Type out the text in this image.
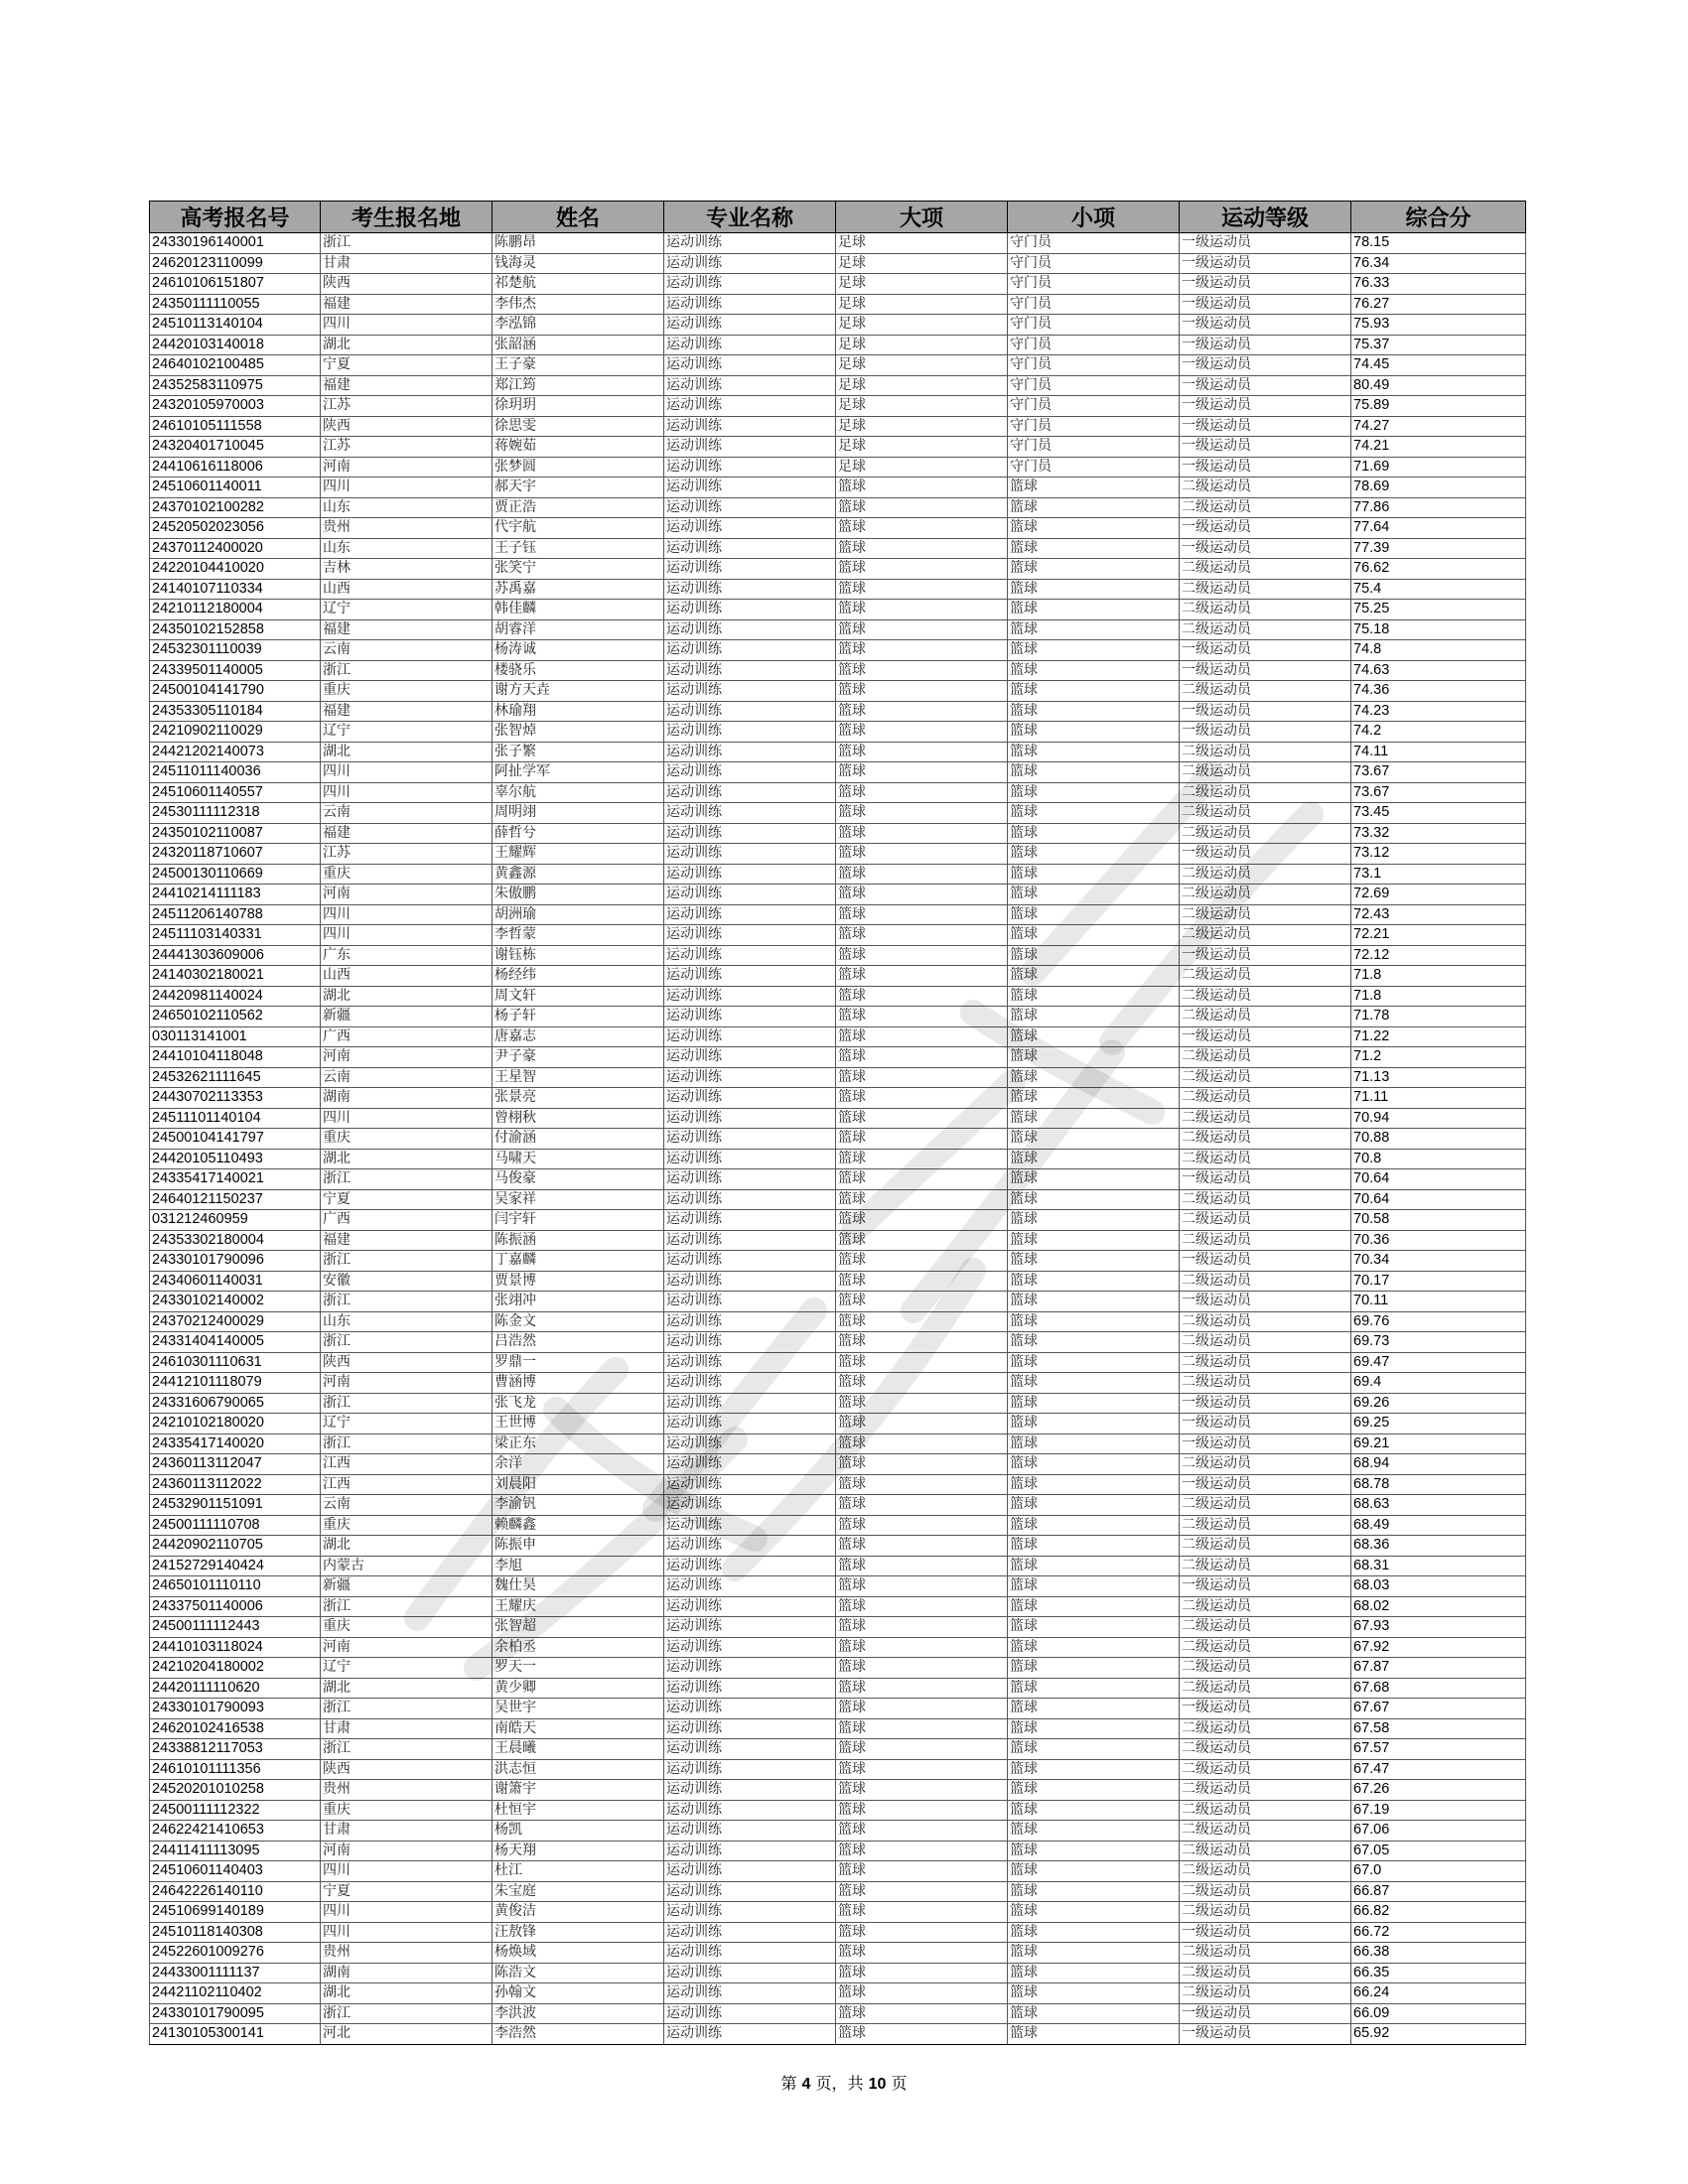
高考报名号	考生报名地	姓名	专业名称	大项	小项	运动等级	综合分
24330196140001	浙江	陈鹏昂	运动训练	足球	守门员	一级运动员	78.15
24620123110099	甘肃	钱海灵	运动训练	足球	守门员	一级运动员	76.34
24610106151807	陕西	祁楚航	运动训练	足球	守门员	一级运动员	76.33
24350111110055	福建	李伟杰	运动训练	足球	守门员	一级运动员	76.27
24510113140104	四川	李泓锦	运动训练	足球	守门员	一级运动员	75.93
24420103140018	湖北	张韶涵	运动训练	足球	守门员	一级运动员	75.37
24640102100485	宁夏	王子豪	运动训练	足球	守门员	一级运动员	74.45
24352583110975	福建	郑江筠	运动训练	足球	守门员	一级运动员	80.49
24320105970003	江苏	徐玥玥	运动训练	足球	守门员	一级运动员	75.89
24610105111558	陕西	徐思雯	运动训练	足球	守门员	一级运动员	74.27
24320401710045	江苏	蒋婉茹	运动训练	足球	守门员	一级运动员	74.21
24410616118006	河南	张梦圆	运动训练	足球	守门员	一级运动员	71.69
24510601140011	四川	郝天宇	运动训练	篮球	篮球	二级运动员	78.69
24370102100282	山东	贾正浩	运动训练	篮球	篮球	二级运动员	77.86
24520502023056	贵州	代宇航	运动训练	篮球	篮球	一级运动员	77.64
24370112400020	山东	王子钰	运动训练	篮球	篮球	一级运动员	77.39
24220104410020	吉林	张笑宁	运动训练	篮球	篮球	二级运动员	76.62
24140107110334	山西	苏禹嘉	运动训练	篮球	篮球	二级运动员	75.4
24210112180004	辽宁	韩佳麟	运动训练	篮球	篮球	二级运动员	75.25
24350102152858	福建	胡睿洋	运动训练	篮球	篮球	二级运动员	75.18
24532301110039	云南	杨涛诚	运动训练	篮球	篮球	一级运动员	74.8
24339501140005	浙江	楼骁乐	运动训练	篮球	篮球	一级运动员	74.63
24500104141790	重庆	谢方天垚	运动训练	篮球	篮球	二级运动员	74.36
24353305110184	福建	林瑜翔	运动训练	篮球	篮球	一级运动员	74.23
24210902110029	辽宁	张智焯	运动训练	篮球	篮球	一级运动员	74.2
24421202140073	湖北	张子繁	运动训练	篮球	篮球	二级运动员	74.11
24511011140036	四川	阿扯学军	运动训练	篮球	篮球	二级运动员	73.67
24510601140557	四川	辜尔航	运动训练	篮球	篮球	二级运动员	73.67
24530111112318	云南	周明翊	运动训练	篮球	篮球	二级运动员	73.45
24350102110087	福建	薛哲兮	运动训练	篮球	篮球	二级运动员	73.32
24320118710607	江苏	王耀辉	运动训练	篮球	篮球	一级运动员	73.12
24500130110669	重庆	黄鑫源	运动训练	篮球	篮球	二级运动员	73.1
24410214111183	河南	朱傲鹏	运动训练	篮球	篮球	二级运动员	72.69
24511206140788	四川	胡洲瑜	运动训练	篮球	篮球	二级运动员	72.43
24511103140331	四川	李哲蒙	运动训练	篮球	篮球	二级运动员	72.21
24441303609006	广东	谢钰栋	运动训练	篮球	篮球	一级运动员	72.12
24140302180021	山西	杨经纬	运动训练	篮球	篮球	二级运动员	71.8
24420981140024	湖北	周文轩	运动训练	篮球	篮球	二级运动员	71.8
24650102110562	新疆	杨子轩	运动训练	篮球	篮球	二级运动员	71.78
030113141001	广西	唐嘉志	运动训练	篮球	篮球	一级运动员	71.22
24410104118048	河南	尹子豪	运动训练	篮球	篮球	二级运动员	71.2
24532621111645	云南	王星智	运动训练	篮球	篮球	二级运动员	71.13
24430702113353	湖南	张景亮	运动训练	篮球	篮球	二级运动员	71.11
24511101140104	四川	曾栩秋	运动训练	篮球	篮球	二级运动员	70.94
24500104141797	重庆	付渝涵	运动训练	篮球	篮球	二级运动员	70.88
24420105110493	湖北	马啸天	运动训练	篮球	篮球	二级运动员	70.8
24335417140021	浙江	马俊豪	运动训练	篮球	篮球	一级运动员	70.64
24640121150237	宁夏	吴家祥	运动训练	篮球	篮球	二级运动员	70.64
031212460959	广西	闫宇轩	运动训练	篮球	篮球	二级运动员	70.58
24353302180004	福建	陈振涵	运动训练	篮球	篮球	二级运动员	70.36
24330101790096	浙江	丁嘉麟	运动训练	篮球	篮球	一级运动员	70.34
24340601140031	安徽	贾景博	运动训练	篮球	篮球	二级运动员	70.17
24330102140002	浙江	张翊冲	运动训练	篮球	篮球	一级运动员	70.11
24370212400029	山东	陈金文	运动训练	篮球	篮球	二级运动员	69.76
24331404140005	浙江	吕浩然	运动训练	篮球	篮球	二级运动员	69.73
24610301110631	陕西	罗鼎一	运动训练	篮球	篮球	二级运动员	69.47
24412101118079	河南	曹涵博	运动训练	篮球	篮球	二级运动员	69.4
24331606790065	浙江	张飞龙	运动训练	篮球	篮球	一级运动员	69.26
24210102180020	辽宁	王世博	运动训练	篮球	篮球	一级运动员	69.25
24335417140020	浙江	梁正东	运动训练	篮球	篮球	一级运动员	69.21
24360113112047	江西	余洋	运动训练	篮球	篮球	二级运动员	68.94
24360113112022	江西	刘晨阳	运动训练	篮球	篮球	一级运动员	68.78
24532901151091	云南	李渝钒	运动训练	篮球	篮球	二级运动员	68.63
24500111110708	重庆	赖麟鑫	运动训练	篮球	篮球	二级运动员	68.49
24420902110705	湖北	陈振申	运动训练	篮球	篮球	二级运动员	68.36
24152729140424	内蒙古	李旭	运动训练	篮球	篮球	二级运动员	68.31
24650101110110	新疆	魏仕昊	运动训练	篮球	篮球	一级运动员	68.03
24337501140006	浙江	王耀庆	运动训练	篮球	篮球	二级运动员	68.02
24500111112443	重庆	张智超	运动训练	篮球	篮球	二级运动员	67.93
24410103118024	河南	余柏丞	运动训练	篮球	篮球	二级运动员	67.92
24210204180002	辽宁	罗天一	运动训练	篮球	篮球	二级运动员	67.87
24420111110620	湖北	黄少卿	运动训练	篮球	篮球	二级运动员	67.68
24330101790093	浙江	吴世宇	运动训练	篮球	篮球	一级运动员	67.67
24620102416538	甘肃	南皓天	运动训练	篮球	篮球	二级运动员	67.58
24338812117053	浙江	王晨曦	运动训练	篮球	篮球	二级运动员	67.57
24610101111356	陕西	洪志恒	运动训练	篮球	篮球	二级运动员	67.47
24520201010258	贵州	谢箫宇	运动训练	篮球	篮球	二级运动员	67.26
24500111112322	重庆	杜恒宇	运动训练	篮球	篮球	二级运动员	67.19
24622421410653	甘肃	杨凯	运动训练	篮球	篮球	二级运动员	67.06
24411411113095	河南	杨天翔	运动训练	篮球	篮球	二级运动员	67.05
24510601140403	四川	杜江	运动训练	篮球	篮球	二级运动员	67.0
24642226140110	宁夏	朱宝庭	运动训练	篮球	篮球	二级运动员	66.87
24510699140189	四川	黄俊洁	运动训练	篮球	篮球	二级运动员	66.82
24510118140308	四川	汪敖锋	运动训练	篮球	篮球	一级运动员	66.72
24522601009276	贵州	杨焕域	运动训练	篮球	篮球	二级运动员	66.38
24433001111137	湖南	陈浩文	运动训练	篮球	篮球	二级运动员	66.35
24421102110402	湖北	孙翰文	运动训练	篮球	篮球	二级运动员	66.24
24330101790095	浙江	李洪波	运动训练	篮球	篮球	一级运动员	66.09
24130105300141	河北	李浩然	运动训练	篮球	篮球	一级运动员	65.92
第 4 页，共 10 页
